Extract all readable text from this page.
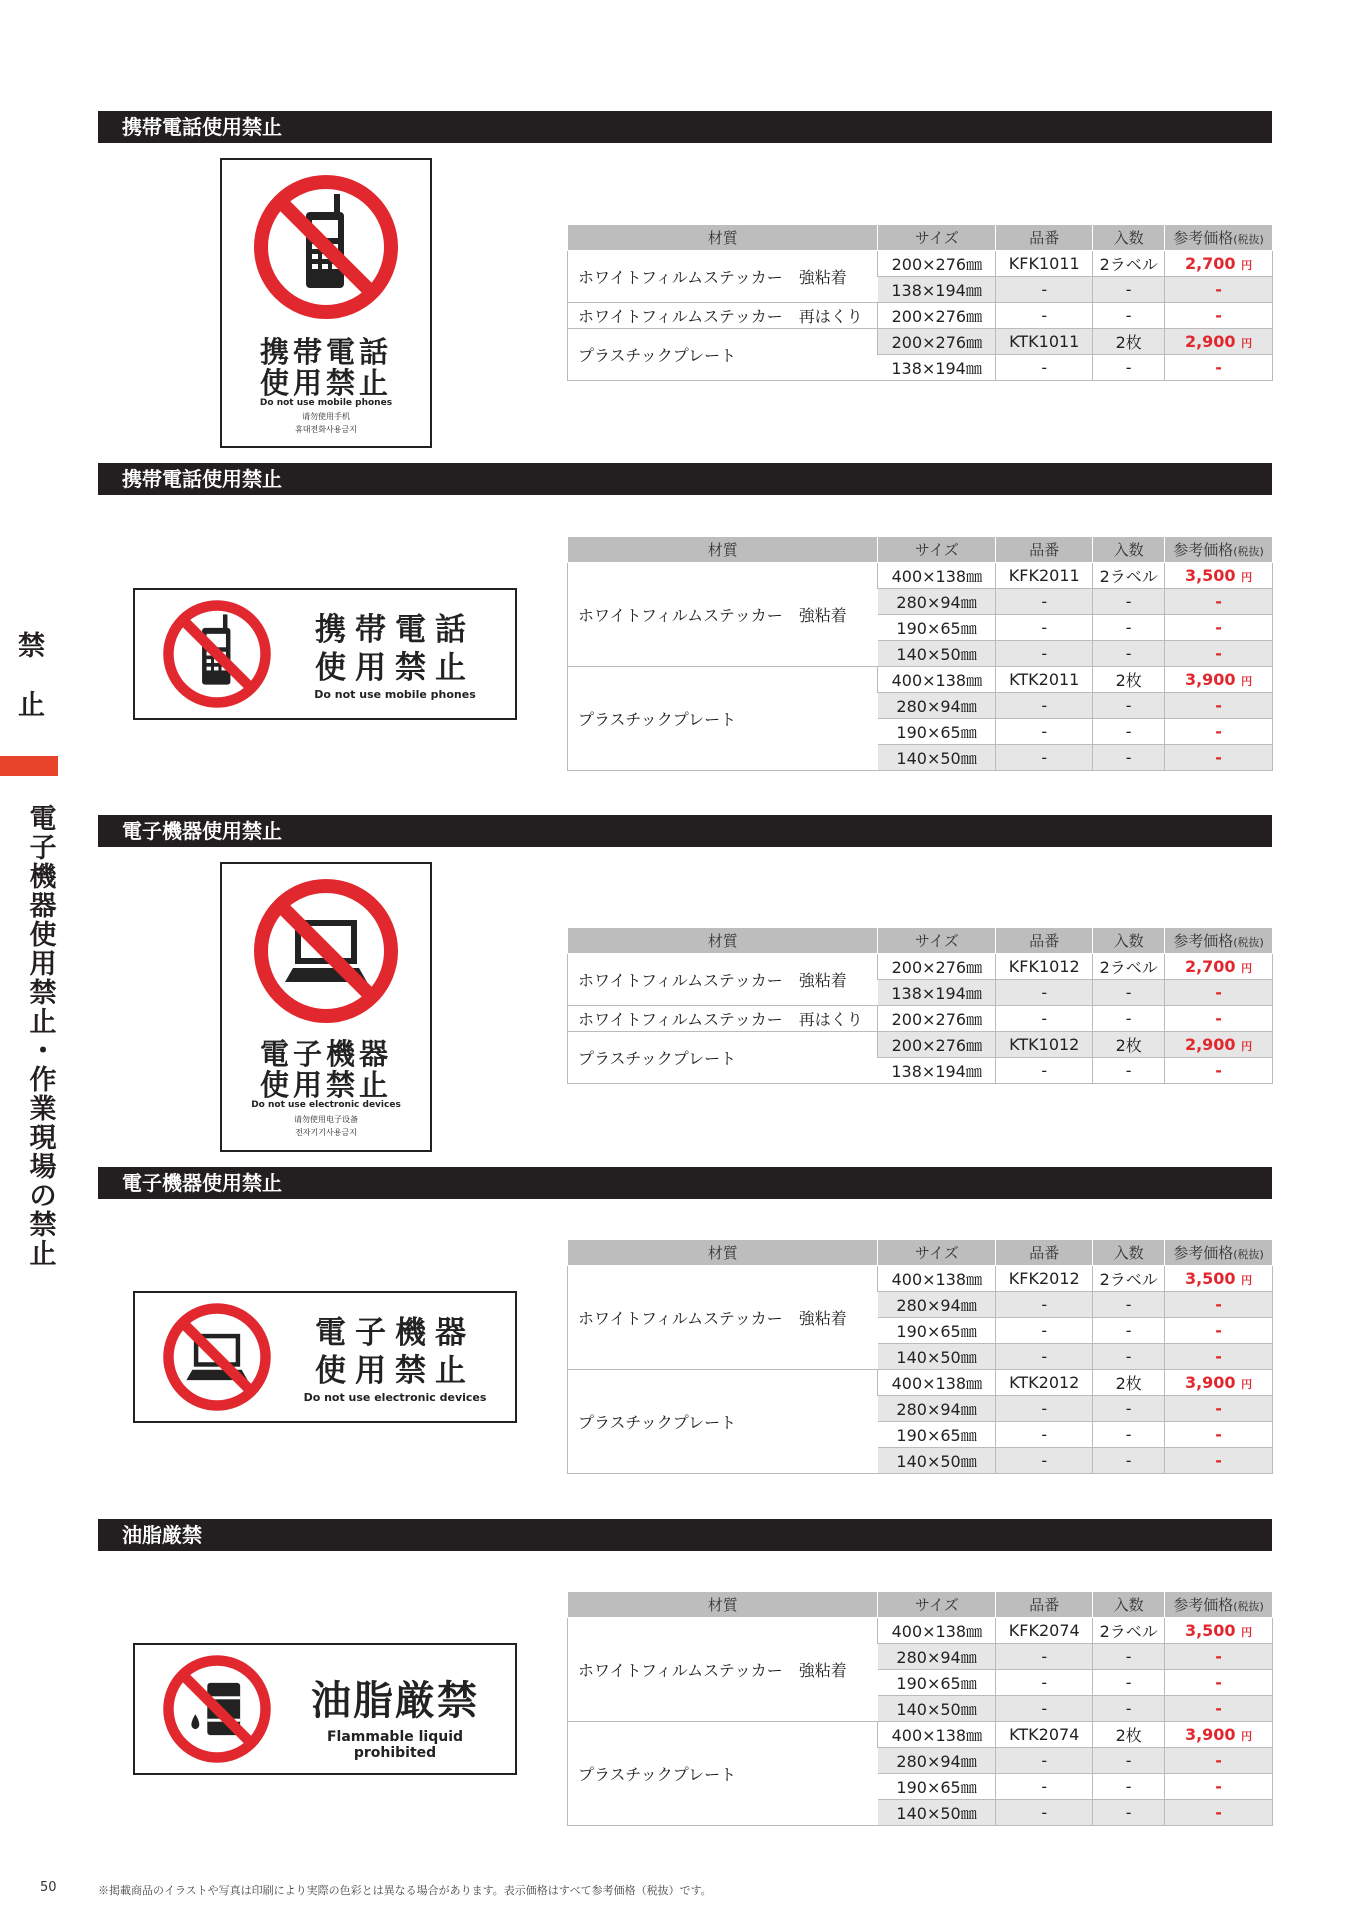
禁
止
電
子
機
器
使
用
禁
止
・
作
業
現
場
の
禁
止
携帯電話使用禁止
携帯電話
使用禁止
Do not use mobile phones
请勿使用手机
휴대전화사용금지
材質	サイズ	品番	入数	参考価格(税抜)
ホワイトフィルムステッカー　強粘着	200×276㎜	KFK1011	2ラベル	2,700 円
	138×194㎜	-	-	-
ホワイトフィルムステッカー　再はくり	200×276㎜	-	-	-
プラスチックプレート	200×276㎜	KTK1011	2枚	2,900 円
	138×194㎜	-	-	-
携帯電話使用禁止
携帯電話
使用禁止
Do not use mobile phones
材質	サイズ	品番	入数	参考価格(税抜)
ホワイトフィルムステッカー　強粘着	400×138㎜	KFK2011	2ラベル	3,500 円
	280×94㎜	-	-	-
	190×65㎜	-	-	-
	140×50㎜	-	-	-
プラスチックプレート	400×138㎜	KTK2011	2枚	3,900 円
	280×94㎜	-	-	-
	190×65㎜	-	-	-
	140×50㎜	-	-	-
電子機器使用禁止
電子機器
使用禁止
Do not use electronic devices
请勿使用电子设备
전자기기사용금지
材質	サイズ	品番	入数	参考価格(税抜)
ホワイトフィルムステッカー　強粘着	200×276㎜	KFK1012	2ラベル	2,700 円
	138×194㎜	-	-	-
ホワイトフィルムステッカー　再はくり	200×276㎜	-	-	-
プラスチックプレート	200×276㎜	KTK1012	2枚	2,900 円
	138×194㎜	-	-	-
電子機器使用禁止
電子機器
使用禁止
Do not use electronic devices
材質	サイズ	品番	入数	参考価格(税抜)
ホワイトフィルムステッカー　強粘着	400×138㎜	KFK2012	2ラベル	3,500 円
	280×94㎜	-	-	-
	190×65㎜	-	-	-
	140×50㎜	-	-	-
プラスチックプレート	400×138㎜	KTK2012	2枚	3,900 円
	280×94㎜	-	-	-
	190×65㎜	-	-	-
	140×50㎜	-	-	-
油脂厳禁
油脂厳禁
Flammable liquid prohibited
材質	サイズ	品番	入数	参考価格(税抜)
ホワイトフィルムステッカー　強粘着	400×138㎜	KFK2074	2ラベル	3,500 円
	280×94㎜	-	-	-
	190×65㎜	-	-	-
	140×50㎜	-	-	-
プラスチックプレート	400×138㎜	KTK2074	2枚	3,900 円
	280×94㎜	-	-	-
	190×65㎜	-	-	-
	140×50㎜	-	-	-
50	※掲載商品のイラストや写真は印刷により実際の色彩とは異なる場合があります。表示価格はすべて参考価格（税抜）です。
